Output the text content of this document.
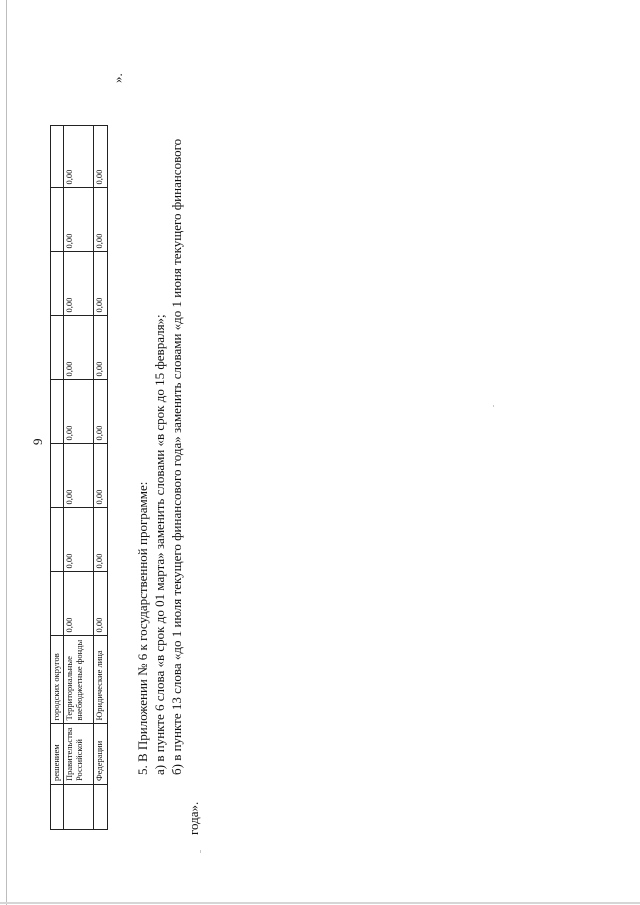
9
	решением	городских округов								
	Правительства Российской	Территориальные внебюджетные фонды	0,00	0,00	0,00	0,00	0,00	0,00	0,00	0,00
	Федерации	Юридические лица	0,00	0,00	0,00	0,00	0,00	0,00	0,00	0,00
».

5. В Приложении № 6 к государственной программе: а) в пункте 6 слова «в срок до 01 марта» заменить словами «в срок до 15 февраля»; б) в пункте 13 слова «до 1 июля текущего финансового года» заменить словами «до 1 июня текущего финансового

года».
